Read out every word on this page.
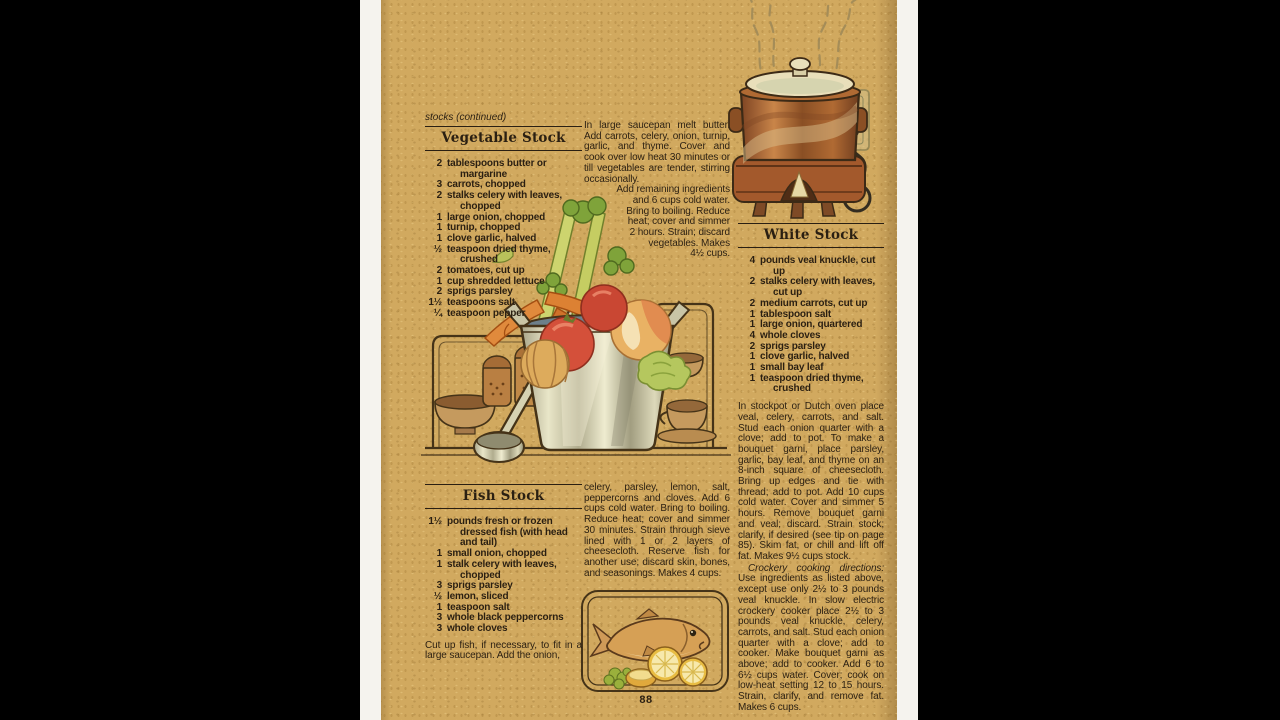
stocks (continued)
Vegetable Stock
2 tablespoons butter or margarine
3 carrots, chopped
2 stalks celery with leaves, chopped
1 large onion, chopped
1 turnip, chopped
1 clove garlic, halved
½ teaspoon dried thyme, crushed
2 tomatoes, cut up
1 cup shredded lettuce
2 sprigs parsley
1½ teaspoons salt
¼ teaspoon pepper
Fish Stock
1½ pounds fresh or frozen dressed fish (with head and tail)
1 small onion, chopped
1 stalk celery with leaves, chopped
3 sprigs parsley
½ lemon, sliced
1 teaspoon salt
3 whole black peppercorns
3 whole cloves
Cut up fish, if necessary, to fit in a large saucepan. Add the onion,
In large saucepan melt butter. Add carrots, celery, onion, turnip, garlic, and thyme. Cover and cook over low heat 30 minutes or till vegetables are tender, stirring occasionally.
Add remaining ingredients and 6 cups cold water. Bring to boiling. Reduce heat; cover and simmer 2 hours. Strain; discard vegetables. Makes 4½ cups.
celery, parsley, lemon, salt, peppercorns and cloves. Add 6 cups cold water. Bring to boiling. Reduce heat; cover and simmer 30 minutes. Strain through sieve lined with 1 or 2 layers of cheesecloth. Reserve fish for another use; discard skin, bones, and seasonings. Makes 4 cups.
White Stock
4 pounds veal knuckle, cut up
2 stalks celery with leaves, cut up
2 medium carrots, cut up
1 tablespoon salt
1 large onion, quartered
4 whole cloves
2 sprigs parsley
1 clove garlic, halved
1 small bay leaf
1 teaspoon dried thyme, crushed
In stockpot or Dutch oven place veal, celery, carrots, and salt. Stud each onion quarter with a clove; add to pot. To make a bouquet garni, place parsley, garlic, bay leaf, and thyme on an 8-inch square of cheesecloth. Bring up edges and tie with thread; add to pot. Add 10 cups cold water. Cover and simmer 5 hours. Remove bouquet garni and veal; discard. Strain stock; clarify, if desired (see tip on page 85). Skim fat, or chill and lift off fat. Makes 9½ cups stock.
Crockery cooking directions: Use ingredients as listed above, except use only 2½ to 3 pounds veal knuckle. In slow electric crockery cooker place 2½ to 3 pounds veal knuckle, celery, carrots, and salt. Stud each onion quarter with a clove; add to cooker. Make bouquet garni as above; add to cooker. Add 6 to 6½ cups water. Cover; cook on low-heat setting 12 to 15 hours. Strain, clarify, and remove fat. Makes 6 cups.
88
